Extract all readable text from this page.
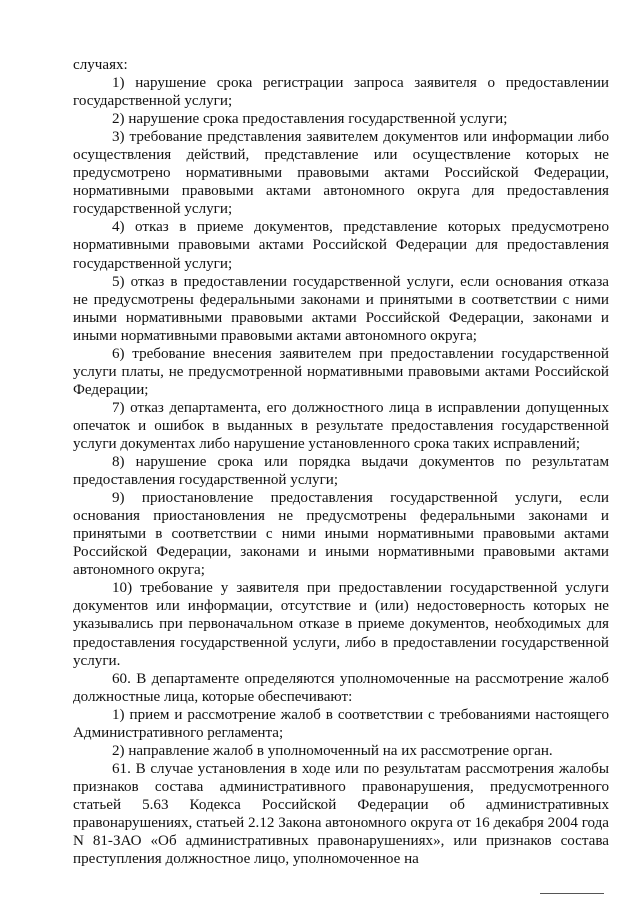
случаях:

1) нарушение срока регистрации запроса заявителя о предоставлении государственной услуги;

2) нарушение срока предоставления государственной услуги;

3) требование представления заявителем документов или информации либо осуществления действий, представление или осуществление которых не предусмотрено нормативными правовыми актами Российской Федерации, нормативными правовыми актами автономного округа для предоставления государственной услуги;

4) отказ в приеме документов, представление которых предусмотрено нормативными правовыми актами Российской Федерации для предоставления государственной услуги;

5) отказ в предоставлении государственной услуги, если основания отказа не предусмотрены федеральными законами и принятыми в соответствии с ними иными нормативными правовыми актами Российской Федерации, законами и иными нормативными правовыми актами автономного округа;

6) требование внесения заявителем при предоставлении государственной услуги платы, не предусмотренной нормативными правовыми актами Российской Федерации;

7) отказ департамента, его должностного лица в исправлении допущенных опечаток и ошибок в выданных в результате предоставления государственной услуги документах либо нарушение установленного срока таких исправлений;

8) нарушение срока или порядка выдачи документов по результатам предоставления государственной услуги;

9) приостановление предоставления государственной услуги, если основания приостановления не предусмотрены федеральными законами и принятыми в соответствии с ними иными нормативными правовыми актами Российской Федерации, законами и иными нормативными правовыми актами автономного округа;

10) требование у заявителя при предоставлении государственной услуги документов или информации, отсутствие и (или) недостоверность которых не указывались при первоначальном отказе в приеме документов, необходимых для предоставления государственной услуги, либо в предоставлении государственной услуги.

60. В департаменте определяются уполномоченные на рассмотрение жалоб должностные лица, которые обеспечивают:

1) прием и рассмотрение жалоб в соответствии с требованиями настоящего Административного регламента;

2) направление жалоб в уполномоченный на их рассмотрение орган.

61. В случае установления в ходе или по результатам рассмотрения жалобы признаков состава административного правонарушения, предусмотренного статьей 5.63 Кодекса Российской Федерации об административных правонарушениях, статьей 2.12 Закона автономного округа от 16 декабря 2004 года N 81-ЗАО «Об административных правонарушениях», или признаков состава преступления должностное лицо, уполномоченное на
